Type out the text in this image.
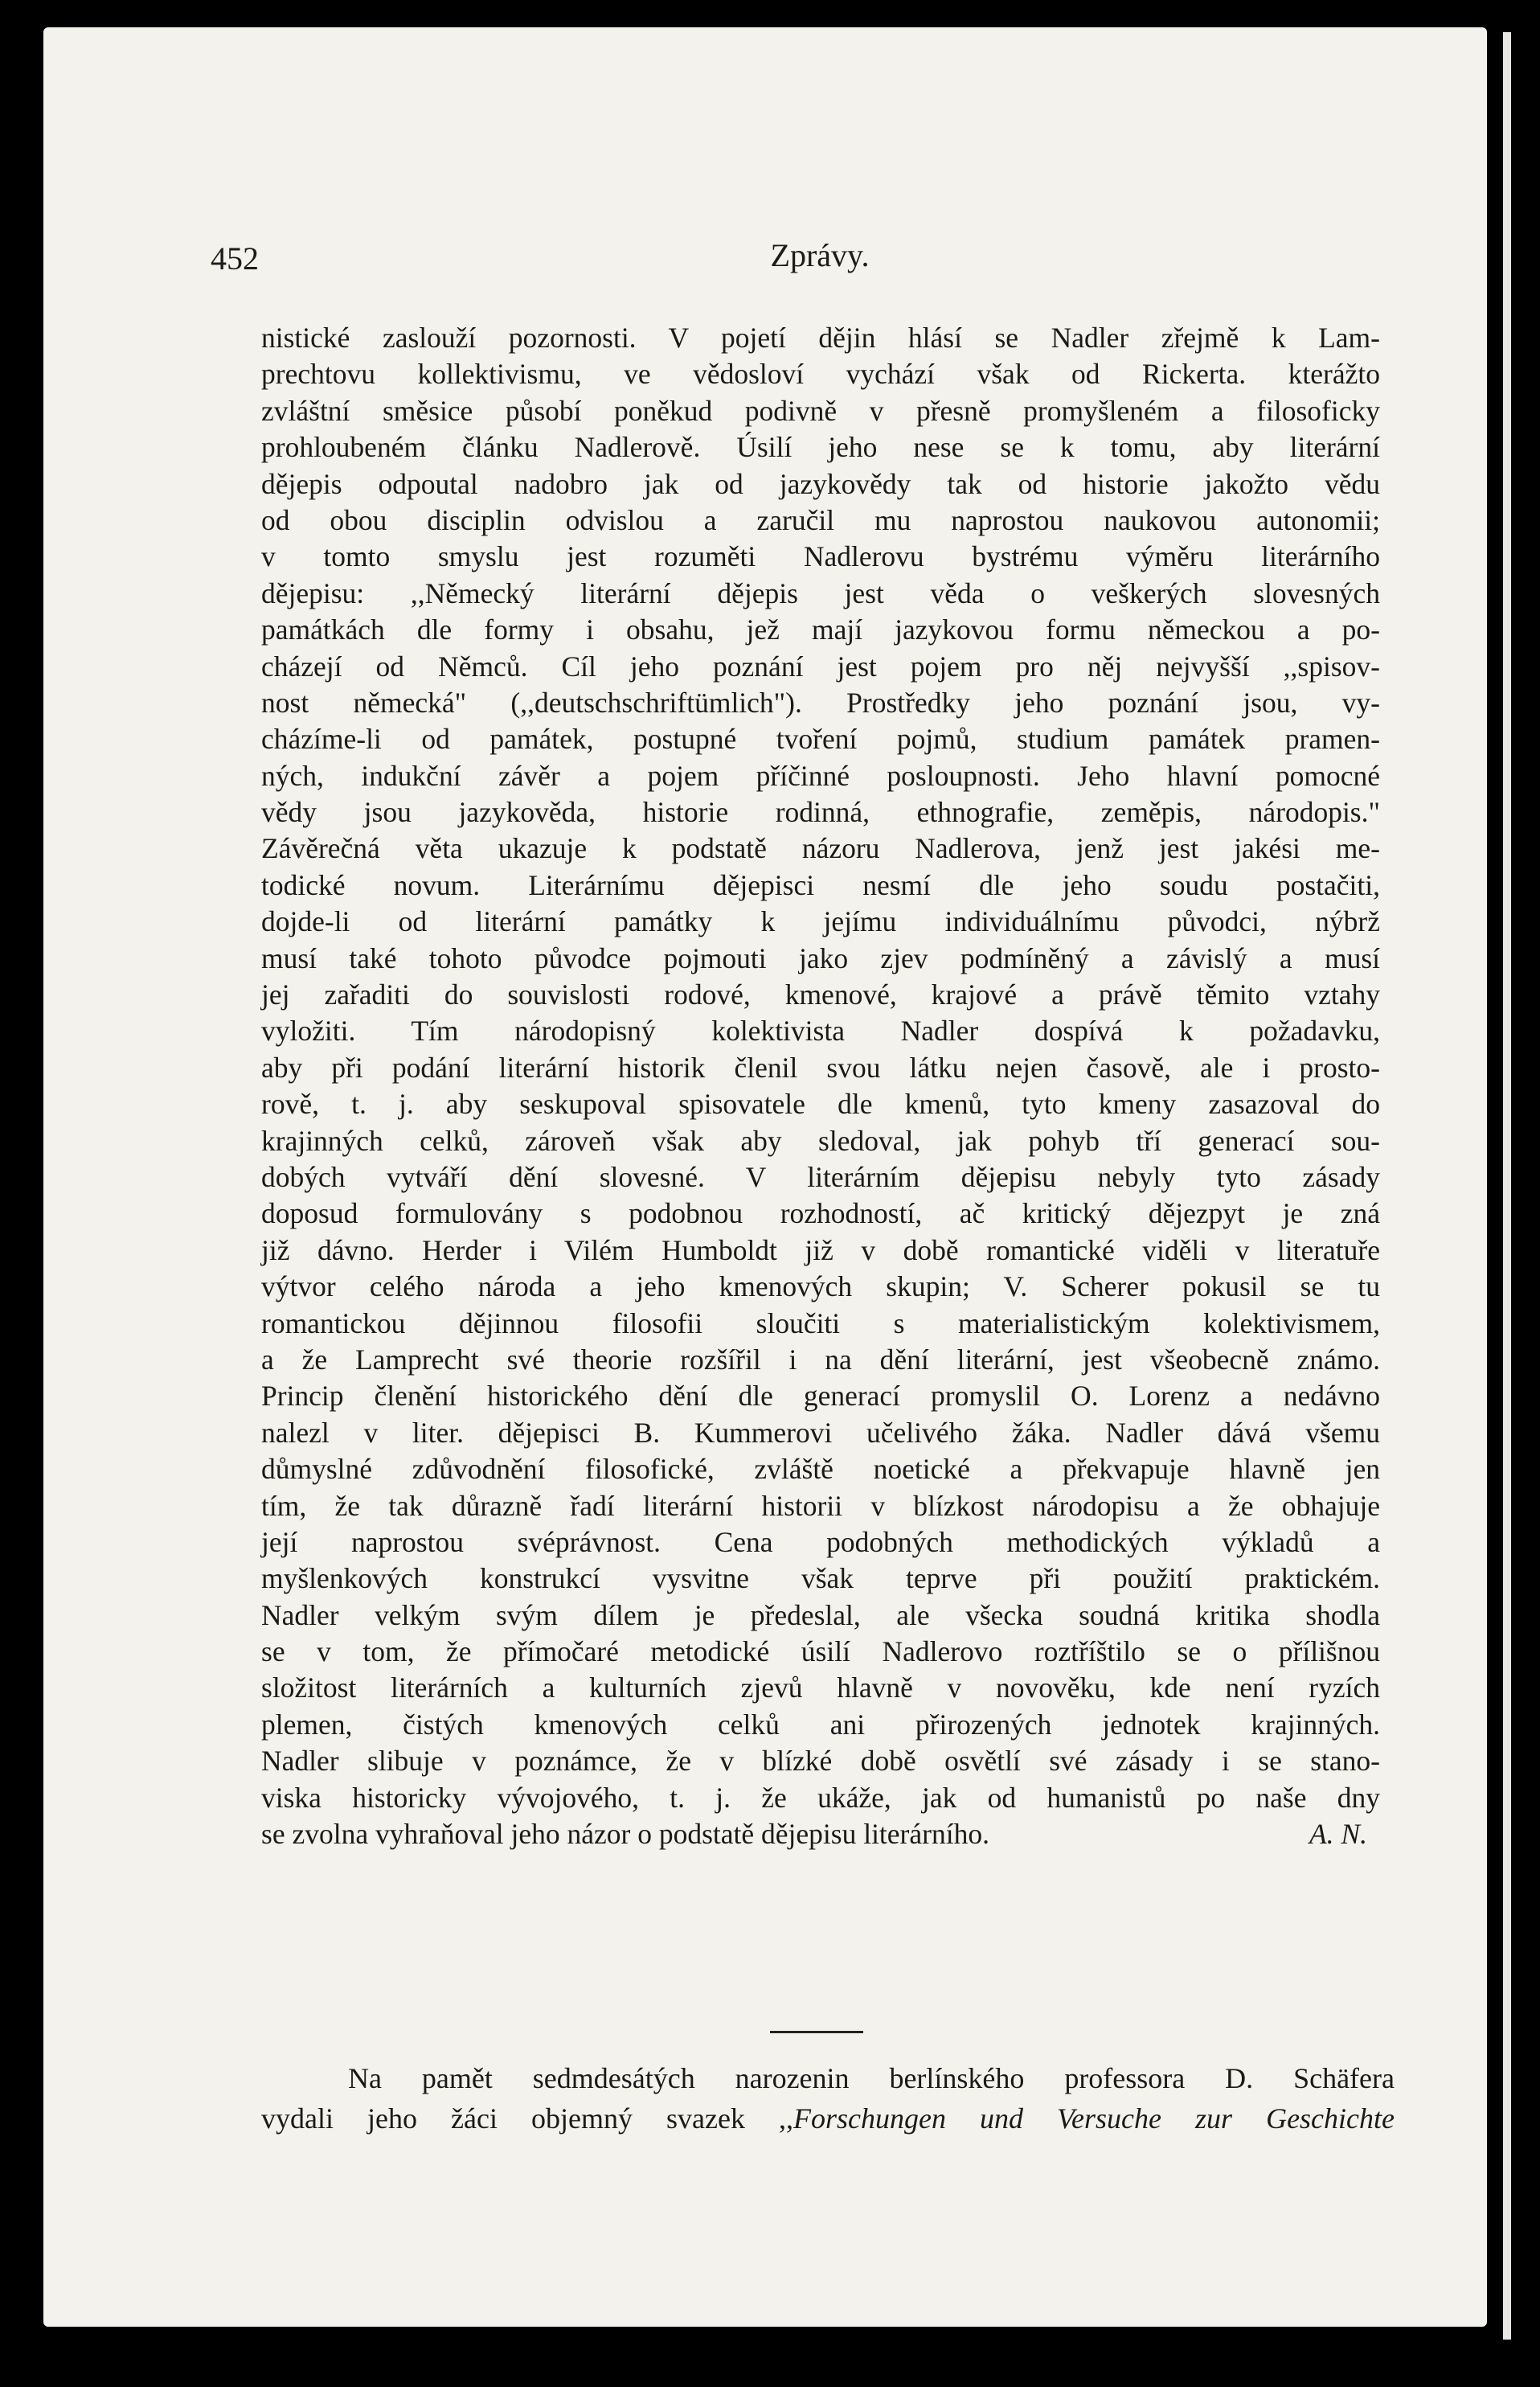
452	Zprávy.
nistické zaslouží pozornosti. V pojetí dějin hlásí se Nadler zřejmě k Lam-
prechtovu kollektivismu, ve vědosloví vychází však od Rickerta. kterážto
zvláštní směsice působí poněkud podivně v přesně promyšleném a filosoficky
prohloubeném článku Nadlerově. Úsilí jeho nese se k tomu, aby literární
dějepis odpoutal nadobro jak od jazykovědy tak od historie jakožto vědu
od obou disciplin odvislou a zaručil mu naprostou naukovou autonomii;
v tomto smyslu jest rozuměti Nadlerovu bystrému výměru literárního
dějepisu: ,,Německý literární dějepis jest věda o veškerých slovesných
památkách dle formy i obsahu, jež mají jazykovou formu německou a po-
cházejí od Němců. Cíl jeho poznání jest pojem pro něj nejvyšší ,,spisov-
nost německá" (,,deutschschriftümlich"). Prostředky jeho poznání jsou, vy-
cházíme-li od památek, postupné tvoření pojmů, studium památek pramen-
ných, indukční závěr a pojem příčinné posloupnosti. Jeho hlavní pomocné
vědy jsou jazykověda, historie rodinná, ethnografie, zeměpis, národopis."
Závěrečná věta ukazuje k podstatě názoru Nadlerova, jenž jest jakési me-
todické novum. Literárnímu dějepisci nesmí dle jeho soudu postačiti,
dojde-li od literární památky k jejímu individuálnímu původci, nýbrž
musí také tohoto původce pojmouti jako zjev podmíněný a závislý a musí
jej zařaditi do souvislosti rodové, kmenové, krajové a právě těmito vztahy
vyložiti. Tím národopisný kolektivista Nadler dospívá k požadavku,
aby při podání literární historik členil svou látku nejen časově, ale i prosto-
rově, t. j. aby seskupoval spisovatele dle kmenů, tyto kmeny zasazoval do
krajinných celků, zároveň však aby sledoval, jak pohyb tří generací sou-
dobých vytváří dění slovesné. V literárním dějepisu nebyly tyto zásady
doposud formulovány s podobnou rozhodností, ač kritický dějezpyt je zná
již dávno. Herder i Vilém Humboldt již v době romantické viděli v literatuře
výtvor celého národa a jeho kmenových skupin; V. Scherer pokusil se tu
romantickou dějinnou filosofii sloučiti s materialistickým kolektivismem,
a že Lamprecht své theorie rozšířil i na dění literární, jest všeobecně známo.
Princip členění historického dění dle generací promyslil O. Lorenz a nedávno
nalezl v liter. dějepisci B. Kummerovi učelivého žáka. Nadler dává všemu
důmyslné zdůvodnění filosofické, zvláště noetické a překvapuje hlavně jen
tím, že tak důrazně řadí literární historii v blízkost národopisu a že obhajuje
její naprostou svéprávnost. Cena podobných methodických výkladů a
myšlenkových konstrukcí vysvitne však teprve při použití praktickém.
Nadler velkým svým dílem je předeslal, ale všecka soudná kritika shodla
se v tom, že přímočaré metodické úsilí Nadlerovo roztříštilo se o přílišnou
složitost literárních a kulturních zjevů hlavně v novověku, kde není ryzích
plemen, čistých kmenových celků ani přirozených jednotek krajinných.
Nadler slibuje v poznámce, že v blízké době osvětlí své zásady i se stano-
viska historicky vývojového, t. j. že ukáže, jak od humanistů po naše dny
se zvolna vyhraňoval jeho názor o podstatě dějepisu literárního.	A. N.
Na pamět sedmdesátých narozenin berlínského professora D. Schäfera
vydali jeho žáci objemný svazek ,,Forschungen und Versuche zur Geschichte
